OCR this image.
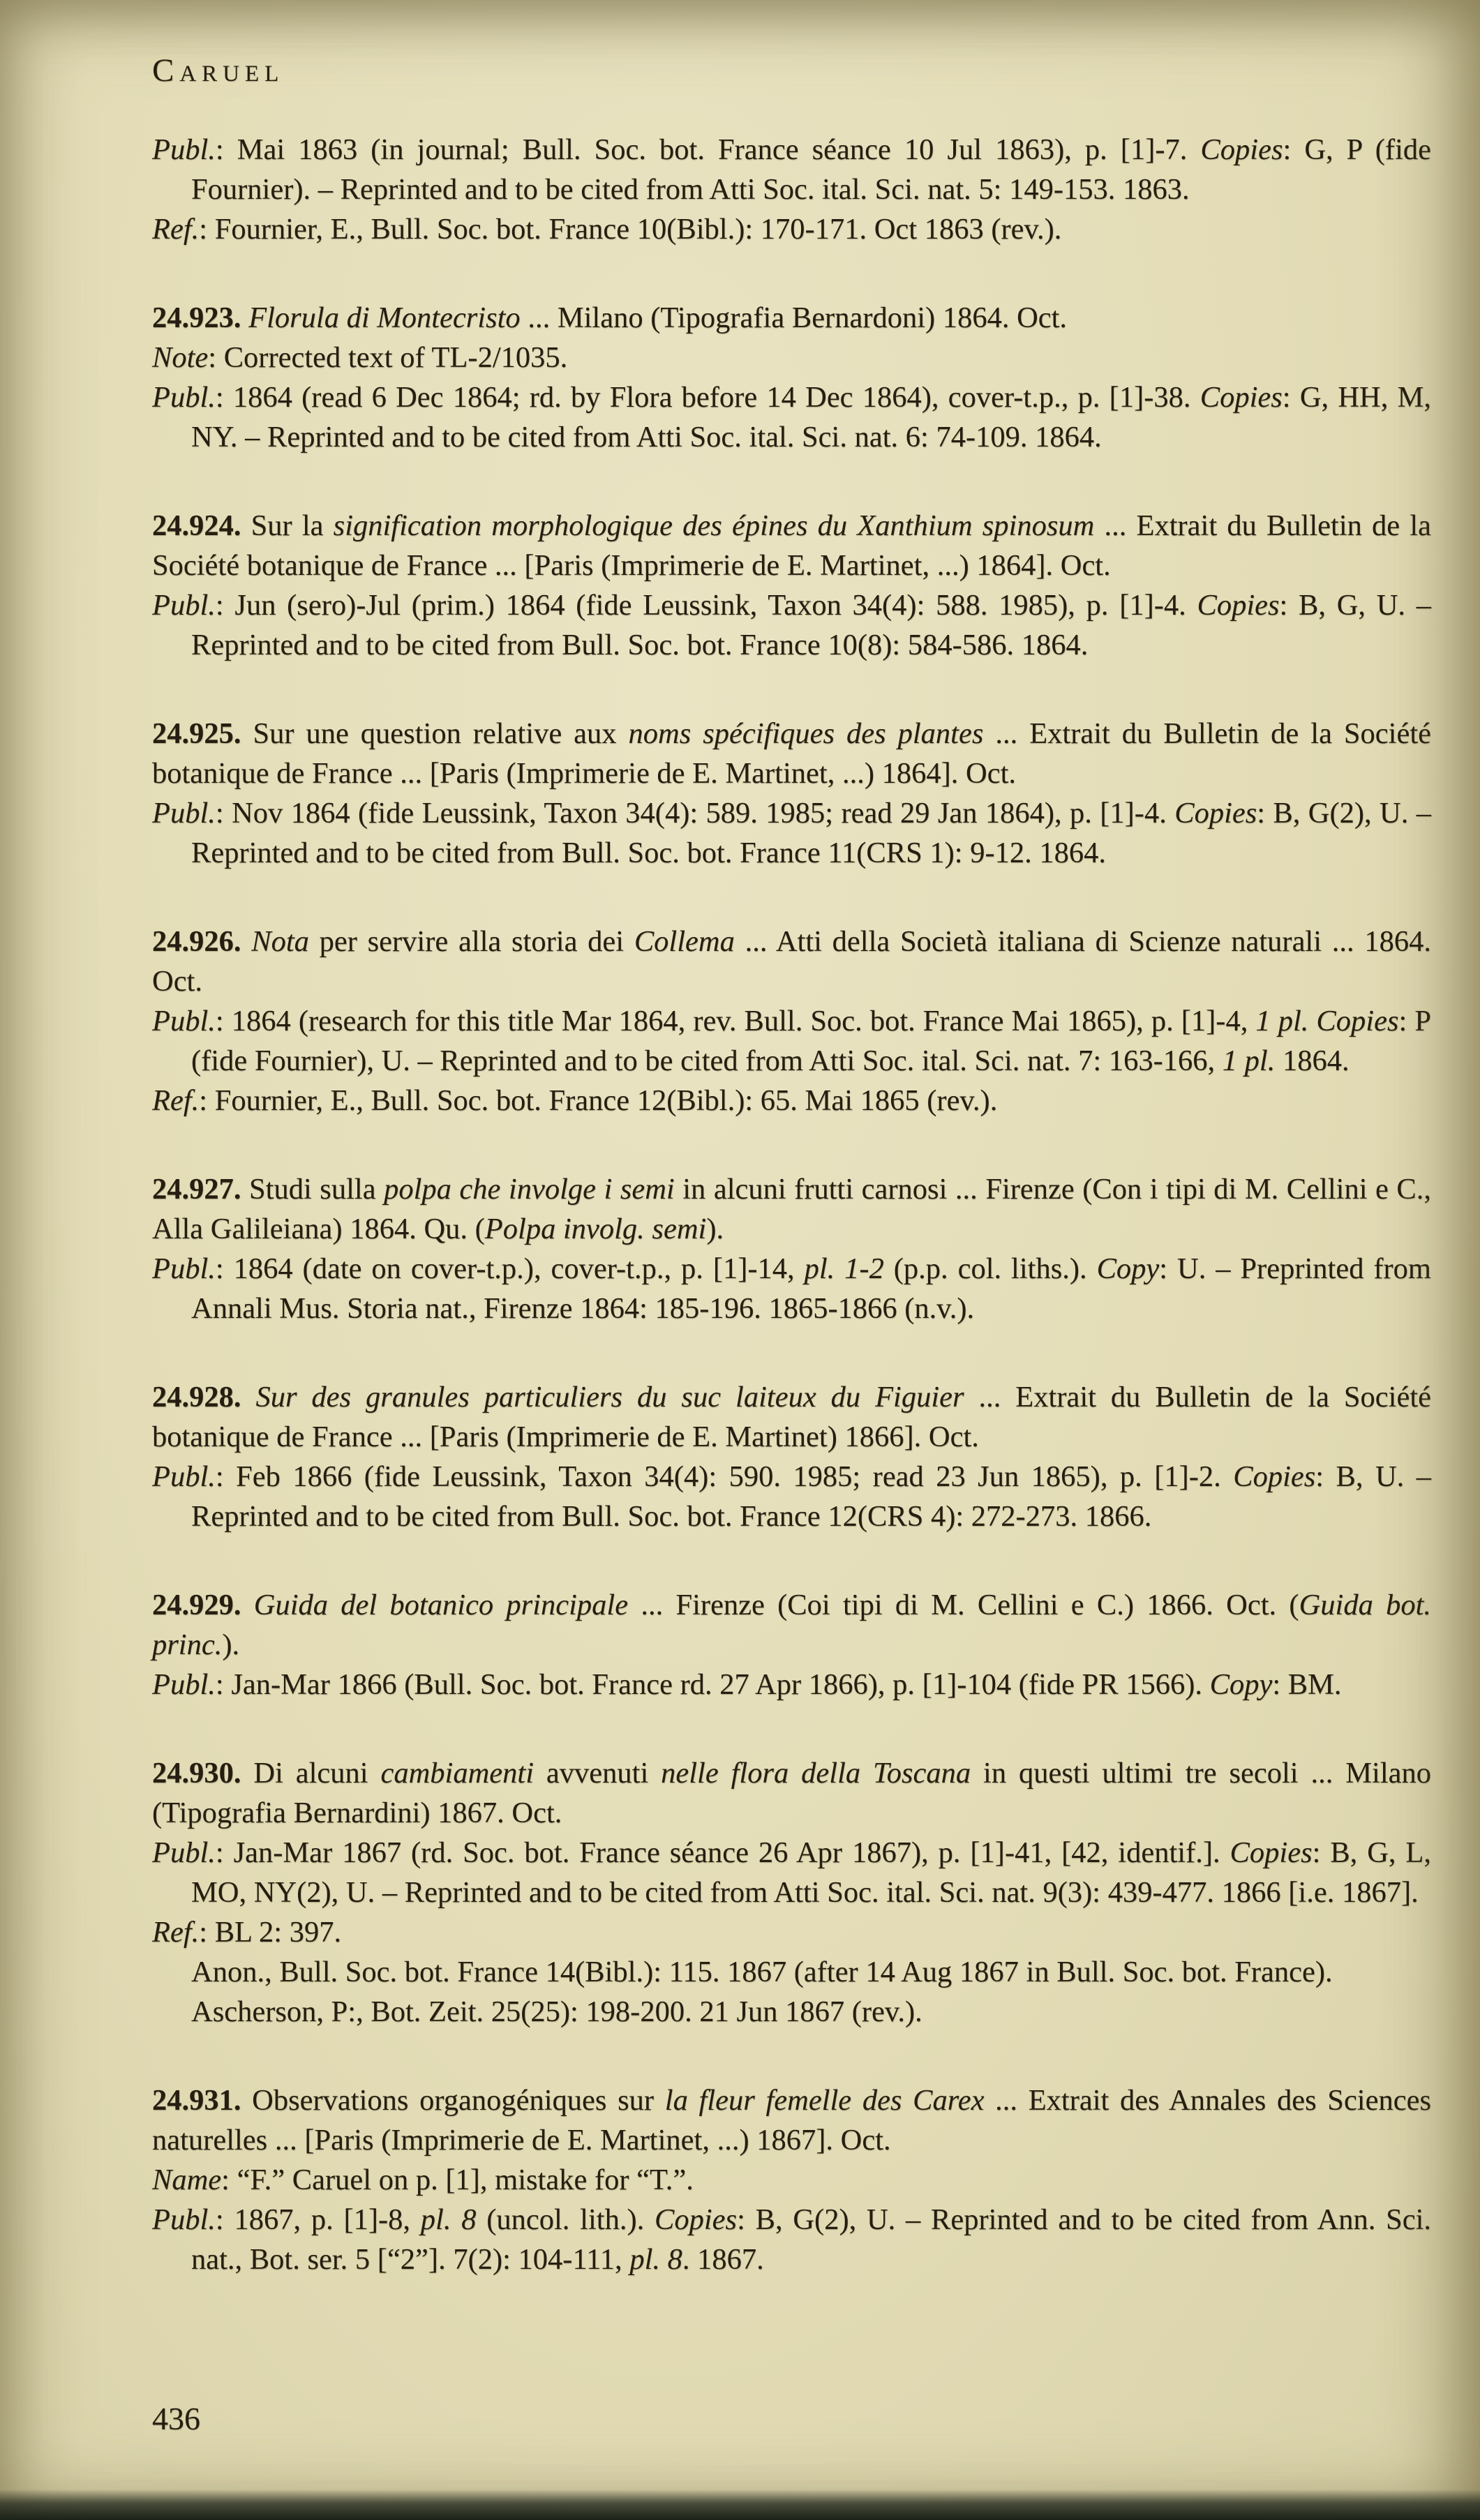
Caruel

Publ.: Mai 1863 (in journal; Bull. Soc. bot. France séance 10 Jul 1863), p. [1]-7. Copies: G, P (fide Fournier). – Reprinted and to be cited from Atti Soc. ital. Sci. nat. 5: 149-153. 1863.

Ref.: Fournier, E., Bull. Soc. bot. France 10(Bibl.): 170-171. Oct 1863 (rev.).

24.923. Florula di Montecristo ... Milano (Tipografia Bernardoni) 1864. Oct.

Note: Corrected text of TL-2/1035.

Publ.: 1864 (read 6 Dec 1864; rd. by Flora before 14 Dec 1864), cover-t.p., p. [1]-38. Copies: G, HH, M, NY. – Reprinted and to be cited from Atti Soc. ital. Sci. nat. 6: 74-109. 1864.

24.924. Sur la signification morphologique des épines du Xanthium spinosum ... Extrait du Bulletin de la Société botanique de France ... [Paris (Imprimerie de E. Martinet, ...) 1864]. Oct.

Publ.: Jun (sero)-Jul (prim.) 1864 (fide Leussink, Taxon 34(4): 588. 1985), p. [1]-4. Copies: B, G, U. – Reprinted and to be cited from Bull. Soc. bot. France 10(8): 584-586. 1864.

24.925. Sur une question relative aux noms spécifiques des plantes ... Extrait du Bulletin de la Société botanique de France ... [Paris (Imprimerie de E. Martinet, ...) 1864]. Oct.

Publ.: Nov 1864 (fide Leussink, Taxon 34(4): 589. 1985; read 29 Jan 1864), p. [1]-4. Copies: B, G(2), U. – Reprinted and to be cited from Bull. Soc. bot. France 11(CRS 1): 9-12. 1864.

24.926. Nota per servire alla storia dei Collema ... Atti della Società italiana di Scienze naturali ... 1864. Oct.

Publ.: 1864 (research for this title Mar 1864, rev. Bull. Soc. bot. France Mai 1865), p. [1]-4, 1 pl. Copies: P (fide Fournier), U. – Reprinted and to be cited from Atti Soc. ital. Sci. nat. 7: 163-166, 1 pl. 1864.

Ref.: Fournier, E., Bull. Soc. bot. France 12(Bibl.): 65. Mai 1865 (rev.).

24.927. Studi sulla polpa che involge i semi in alcuni frutti carnosi ... Firenze (Con i tipi di M. Cellini e C., Alla Galileiana) 1864. Qu. (Polpa involg. semi).

Publ.: 1864 (date on cover-t.p.), cover-t.p., p. [1]-14, pl. 1-2 (p.p. col. liths.). Copy: U. – Preprinted from Annali Mus. Storia nat., Firenze 1864: 185-196. 1865-1866 (n.v.).

24.928. Sur des granules particuliers du suc laiteux du Figuier ... Extrait du Bulletin de la Société botanique de France ... [Paris (Imprimerie de E. Martinet) 1866]. Oct.

Publ.: Feb 1866 (fide Leussink, Taxon 34(4): 590. 1985; read 23 Jun 1865), p. [1]-2. Copies: B, U. – Reprinted and to be cited from Bull. Soc. bot. France 12(CRS 4): 272-273. 1866.

24.929. Guida del botanico principale ... Firenze (Coi tipi di M. Cellini e C.) 1866. Oct. (Guida bot. princ.).

Publ.: Jan-Mar 1866 (Bull. Soc. bot. France rd. 27 Apr 1866), p. [1]-104 (fide PR 1566). Copy: BM.

24.930. Di alcuni cambiamenti avvenuti nelle flora della Toscana in questi ultimi tre secoli ... Milano (Tipografia Bernardini) 1867. Oct.

Publ.: Jan-Mar 1867 (rd. Soc. bot. France séance 26 Apr 1867), p. [1]-41, [42, identif.]. Copies: B, G, L, MO, NY(2), U. – Reprinted and to be cited from Atti Soc. ital. Sci. nat. 9(3): 439-477. 1866 [i.e. 1867].

Ref.: BL 2: 397.

Anon., Bull. Soc. bot. France 14(Bibl.): 115. 1867 (after 14 Aug 1867 in Bull. Soc. bot. France).

Ascherson, P:, Bot. Zeit. 25(25): 198-200. 21 Jun 1867 (rev.).

24.931. Observations organogéniques sur la fleur femelle des Carex ... Extrait des Annales des Sciences naturelles ... [Paris (Imprimerie de E. Martinet, ...) 1867]. Oct.

Name: “F.” Caruel on p. [1], mistake for “T.”.

Publ.: 1867, p. [1]-8, pl. 8 (uncol. lith.). Copies: B, G(2), U. – Reprinted and to be cited from Ann. Sci. nat., Bot. ser. 5 [“2”]. 7(2): 104-111, pl. 8. 1867.

436
